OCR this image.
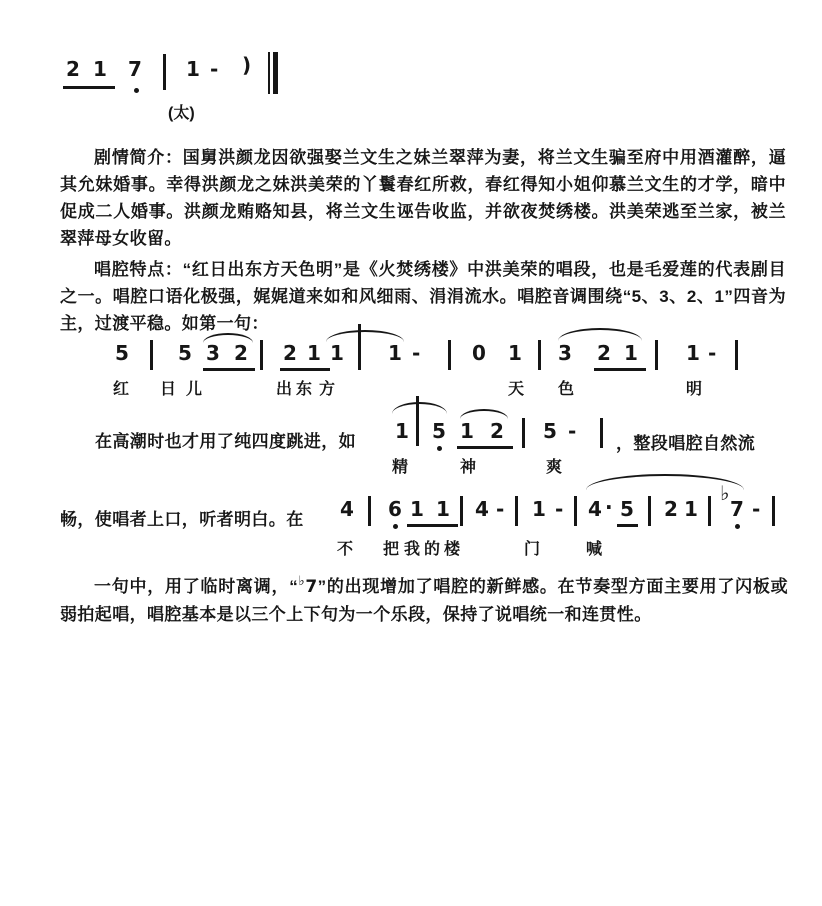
2 1 7 1 - )
(太)

剧情简介：国舅洪颜龙因欲强娶兰文生之妹兰翠萍为妻，将兰文生骗至府中用酒灌醉，逼其允妹婚事。幸得洪颜龙之妹洪美荣的丫鬟春红所救，春红得知小姐仰慕兰文生的才学，暗中促成二人婚事。洪颜龙贿赂知县，将兰文生诬告收监，并欲夜焚绣楼。洪美荣逃至兰家，被兰翠萍母女收留。

唱腔特点：“红日出东方天色明”是《火焚绣楼》中洪美荣的唱段，也是毛爱莲的代表剧目之一。唱腔口语化极强，娓娓道来如和风细雨、涓涓流水。唱腔音调围绕“5、3、2、1”四音为主，过渡平稳。如第一句：

5 5 3 2 2 1 1 1 -	0 1 3 2 1 1 -
红 日 儿	出 东 方	天 色	明
在高潮时也才用了纯四度跳进，如 1 5 1 2 5 -
精	神	爽
，整段唱腔自然流
畅，使唱者上口，听者明白。在 4 6 1 1 4 - 1 - 4 · 5 2 1
♭
7 -
不 把 我 的 楼	门	喊

一句中，用了临时离调，“♭7”的出现增加了唱腔的新鲜感。在节奏型方面主要用了闪板或弱拍起唱，唱腔基本是以三个上下句为一个乐段，保持了说唱统一和连贯性。
